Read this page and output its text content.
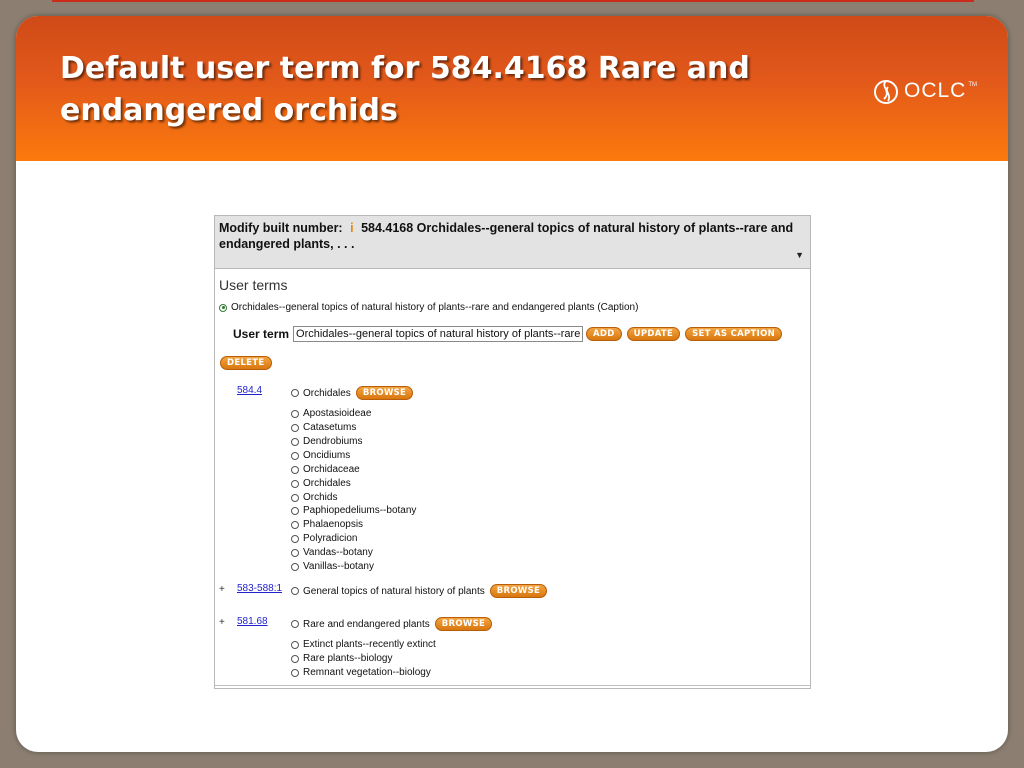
Default user term for 584.4168 Rare and endangered orchids
OCLC TM
Modify built number: i 584.4168 Orchidales--general topics of natural history of plants--rare and endangered plants, . . .
▼
User terms
Orchidales--general topics of natural history of plants--rare and endangered plants (Caption)
User term
Orchidales--general topics of natural history of plants--rare and endangered plants	ADD	UPDATE	SET AS CAPTION
DELETE
584.4	Orchidales	BROWSE
Apostasioideae
Catasetums
Dendrobiums
Oncidiums
Orchidaceae
Orchidales
Orchids
Paphiopedeliums--botany
Phalaenopsis
Polyradicion
Vandas--botany
Vanillas--botany
+ 583-588:1 General topics of natural history of plants	BROWSE
+ 581.68	Rare and endangered plants	BROWSE
Extinct plants--recently extinct
Rare plants--biology
Remnant vegetation--biology
